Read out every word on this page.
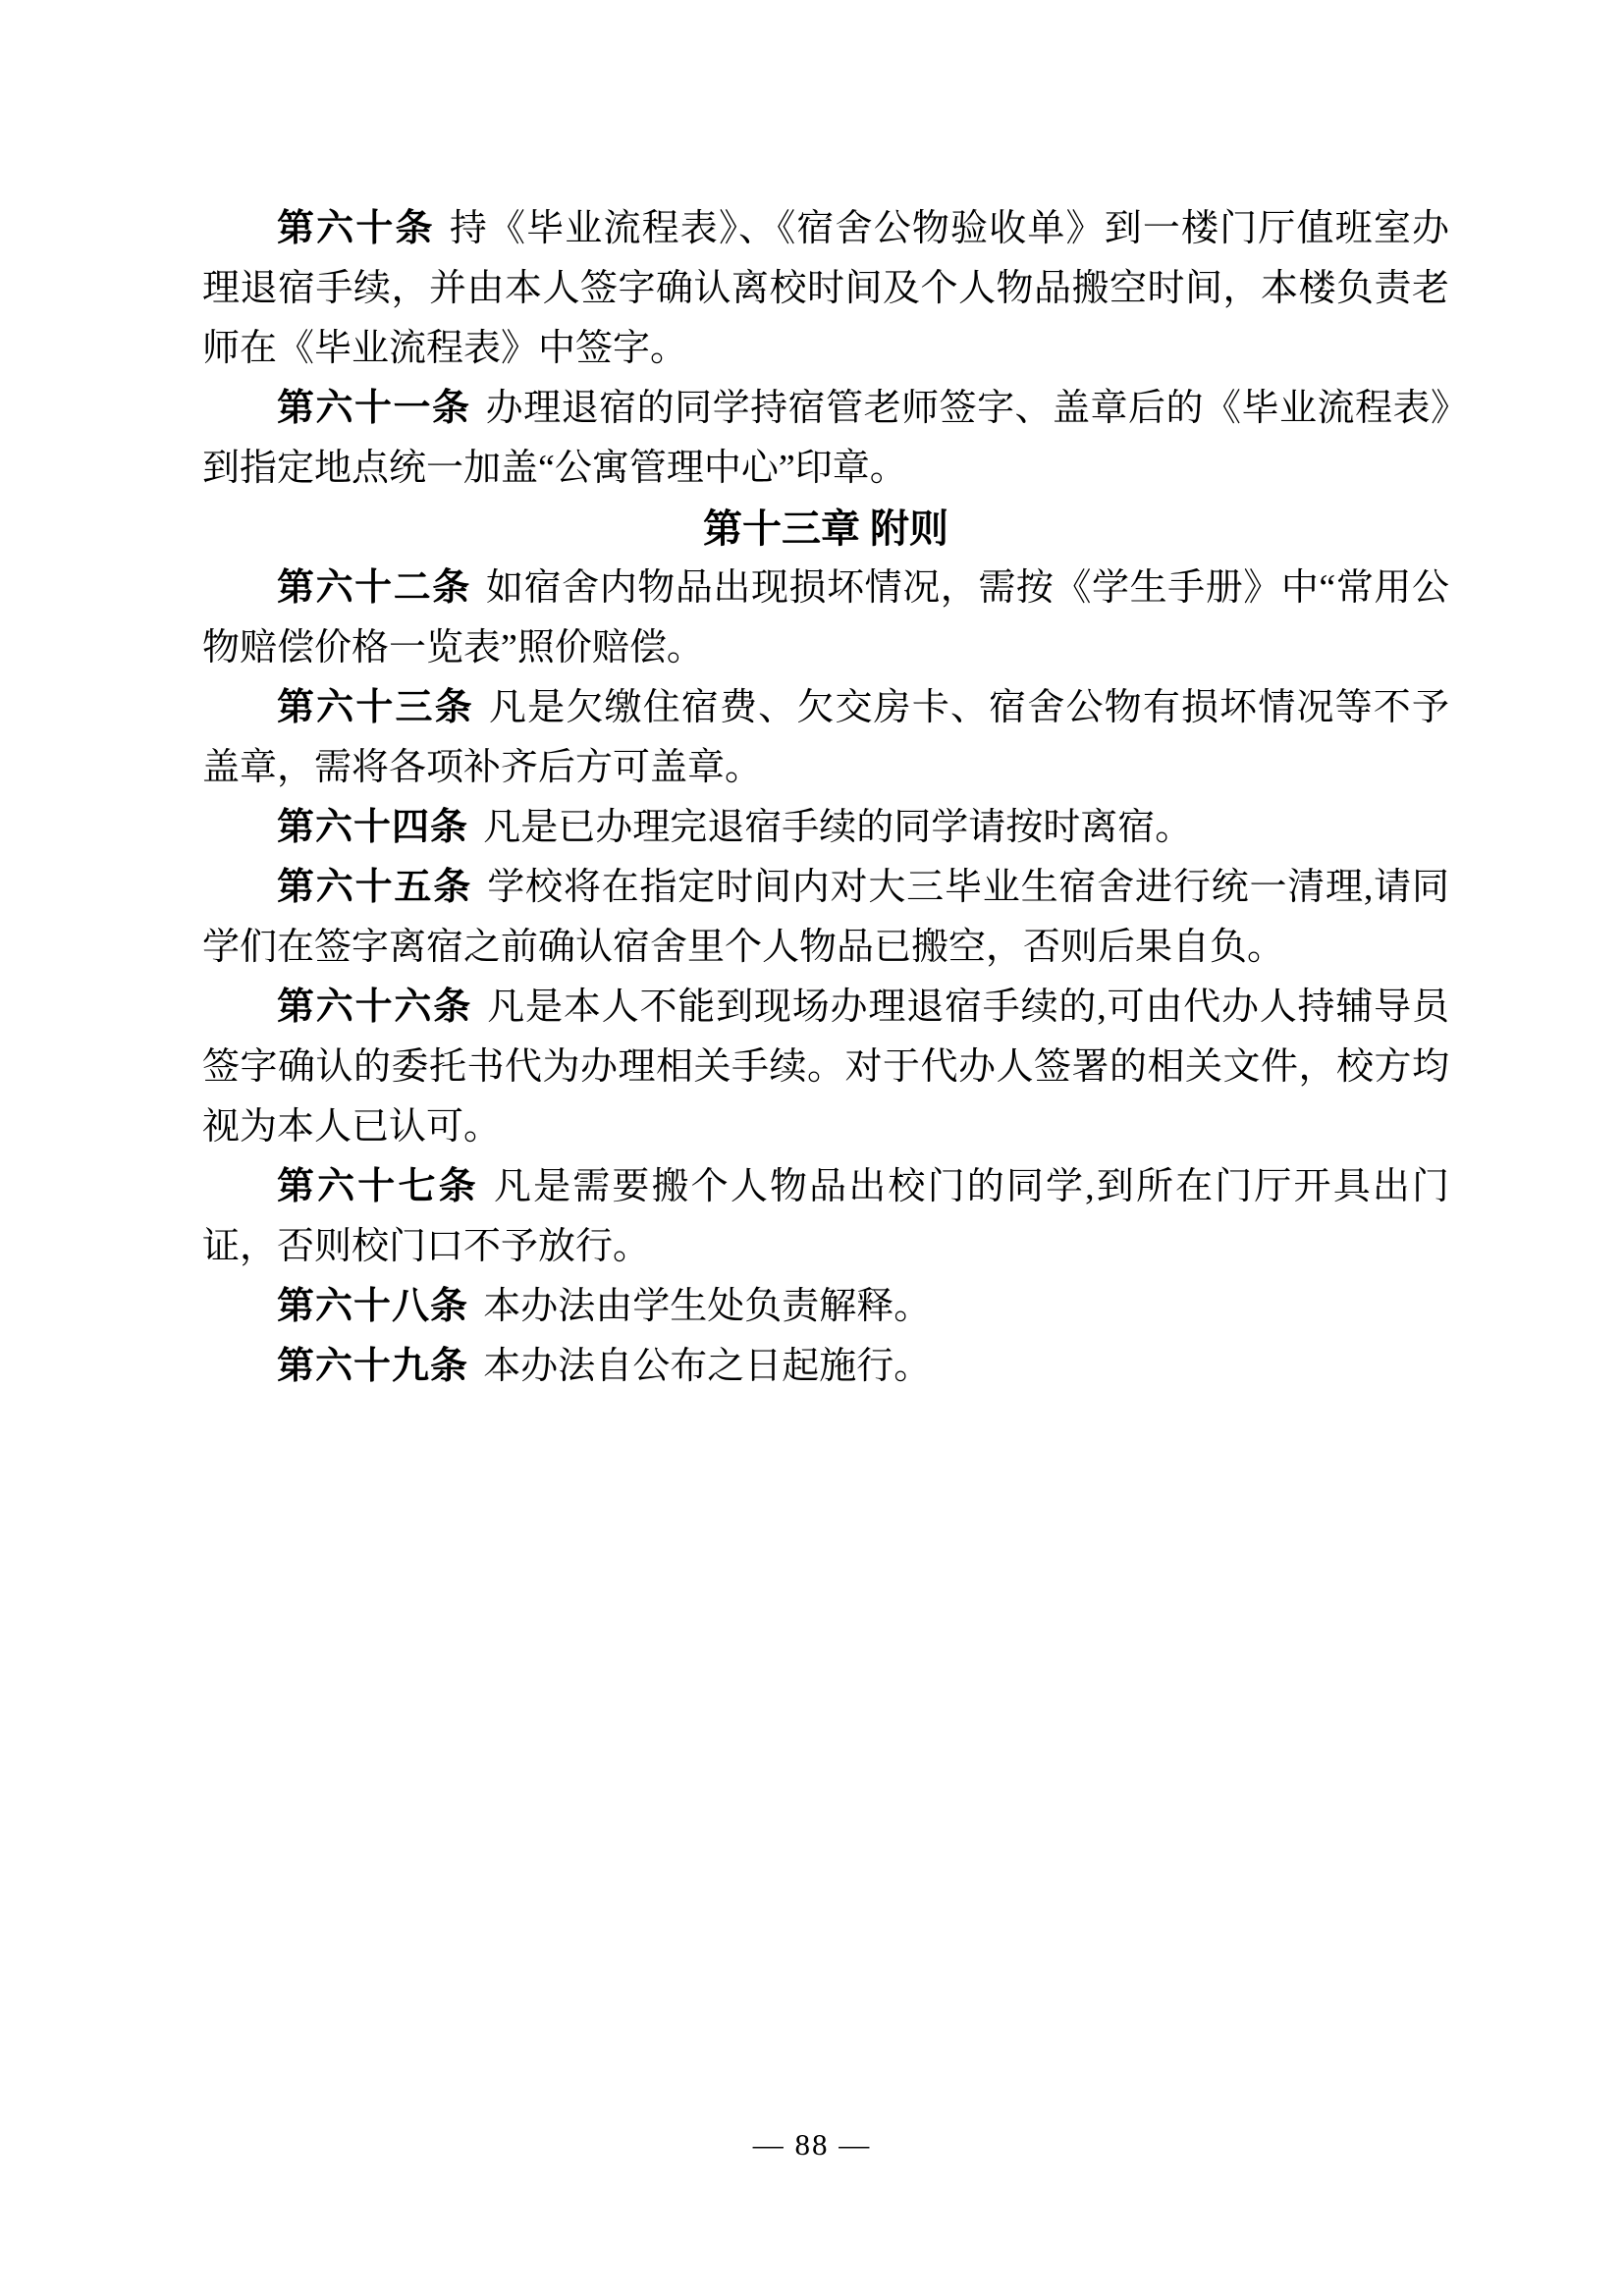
第六十条 持《毕业流程表》、《宿舍公物验收单》到一楼门厅值班室办理退宿手续，并由本人签字确认离校时间及个人物品搬空时间，本楼负责老师在《毕业流程表》中签字。

第六十一条 办理退宿的同学持宿管老师签字、盖章后的《毕业流程表》到指定地点统一加盖“公寓管理中心”印章。

第十三章 附则

第六十二条 如宿舍内物品出现损坏情况，需按《学生手册》中“常用公物赔偿价格一览表”照价赔偿。

第六十三条 凡是欠缴住宿费、欠交房卡、宿舍公物有损坏情况等不予盖章，需将各项补齐后方可盖章。

第六十四条 凡是已办理完退宿手续的同学请按时离宿。

第六十五条 学校将在指定时间内对大三毕业生宿舍进行统一清理,请同学们在签字离宿之前确认宿舍里个人物品已搬空，否则后果自负。

第六十六条 凡是本人不能到现场办理退宿手续的,可由代办人持辅导员签字确认的委托书代为办理相关手续。对于代办人签署的相关文件，校方均视为本人已认可。

第六十七条 凡是需要搬个人物品出校门的同学,到所在门厅开具出门证，否则校门口不予放行。

第六十八条 本办法由学生处负责解释。

第六十九条 本办法自公布之日起施行。

— 88 —
